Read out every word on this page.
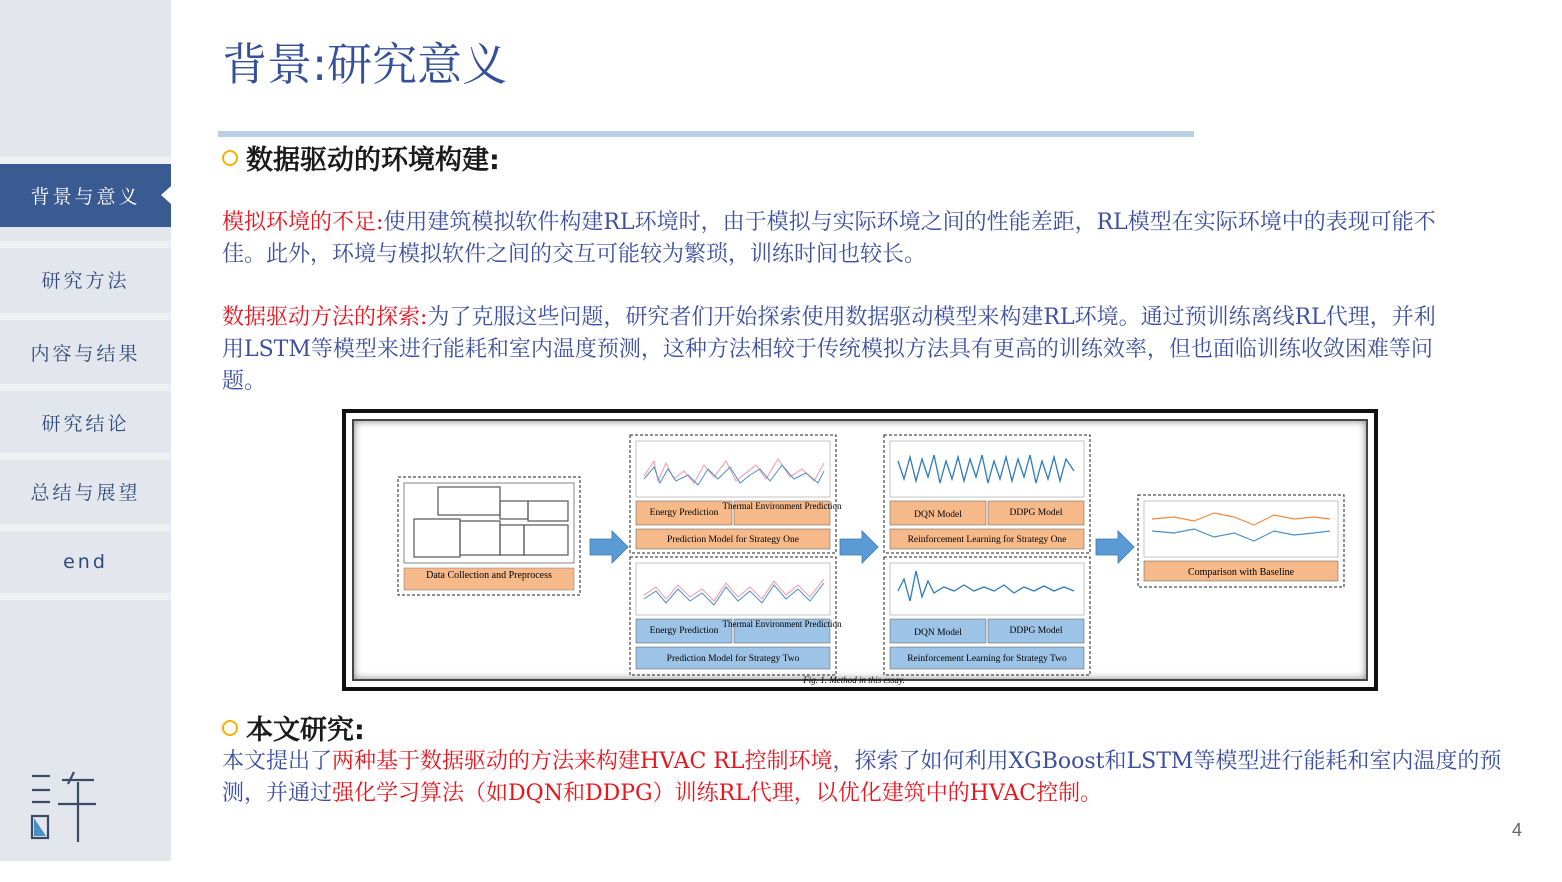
背景与意义
研究方法
内容与结果
研究结论
总结与展望
end
背景:研究意义
数据驱动的环境构建:
模拟环境的不足:使用建筑模拟软件构建RL环境时，由于模拟与实际环境之间的性能差距，RL模型在实际环境中的表现可能不佳。此外，环境与模拟软件之间的交互可能较为繁琐，训练时间也较长。
数据驱动方法的探索:为了克服这些问题，研究者们开始探索使用数据驱动模型来构建RL环境。通过预训练离线RL代理，并利用LSTM等模型来进行能耗和室内温度预测，这种方法相较于传统模拟方法具有更高的训练效率，但也面临训练收敛困难等问题。
Data Collection and Preprocess
Energy Prediction
Thermal Environment Prediction
Prediction Model for Strategy One
Energy Prediction
Thermal Environment Prediction
Prediction Model for Strategy Two
DQN Model	DDPG Model
Reinforcement Learning for Strategy One
DQN Model	DDPG Model
Reinforcement Learning for Strategy Two
Comparison with Baseline
Fig. 1. Method in this essay.
本文研究:
本文提出了两种基于数据驱动的方法来构建HVAC RL控制环境，探索了如何利用XGBoost和LSTM等模型进行能耗和室内温度的预测，并通过强化学习算法（如DQN和DDPG）训练RL代理，以优化建筑中的HVAC控制。
4
